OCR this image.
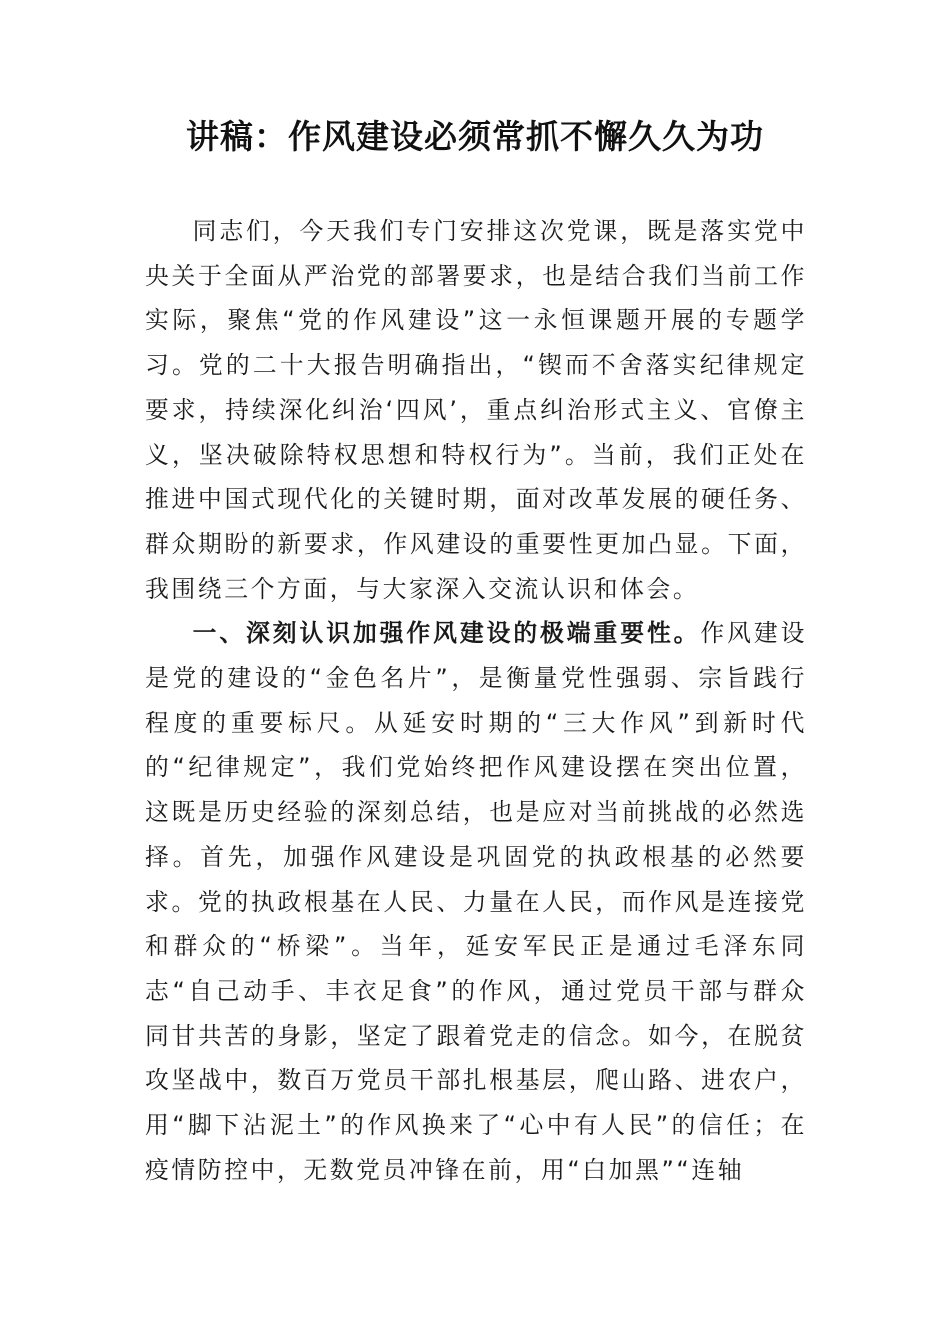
讲稿：作风建设必须常抓不懈久久为功

同志们，今天我们专门安排这次党课，既是落实党中央关于全面从严治党的部署要求，也是结合我们当前工作实际，聚焦“党的作风建设”这一永恒课题开展的专题学习。党的二十大报告明确指出，“锲而不舍落实纪律规定要求，持续深化纠治‘四风’，重点纠治形式主义、官僚主义，坚决破除特权思想和特权行为”。当前，我们正处在推进中国式现代化的关键时期，面对改革发展的硬任务、群众期盼的新要求，作风建设的重要性更加凸显。下面，我围绕三个方面，与大家深入交流认识和体会。

一、深刻认识加强作风建设的极端重要性。作风建设是党的建设的“金色名片”，是衡量党性强弱、宗旨践行程度的重要标尺。从延安时期的“三大作风”到新时代的“纪律规定”，我们党始终把作风建设摆在突出位置，这既是历史经验的深刻总结，也是应对当前挑战的必然选择。首先，加强作风建设是巩固党的执政根基的必然要求。党的执政根基在人民、力量在人民，而作风是连接党和群众的“桥梁”。当年，延安军民正是通过毛泽东同志“自己动手、丰衣足食”的作风，通过党员干部与群众同甘共苦的身影，坚定了跟着党走的信念。如今，在脱贫攻坚战中，数百万党员干部扎根基层，爬山路、进农户，用“脚下沾泥土”的作风换来了“心中有人民”的信任；在疫情防控中，无数党员冲锋在前，用“白加黑”“连轴
